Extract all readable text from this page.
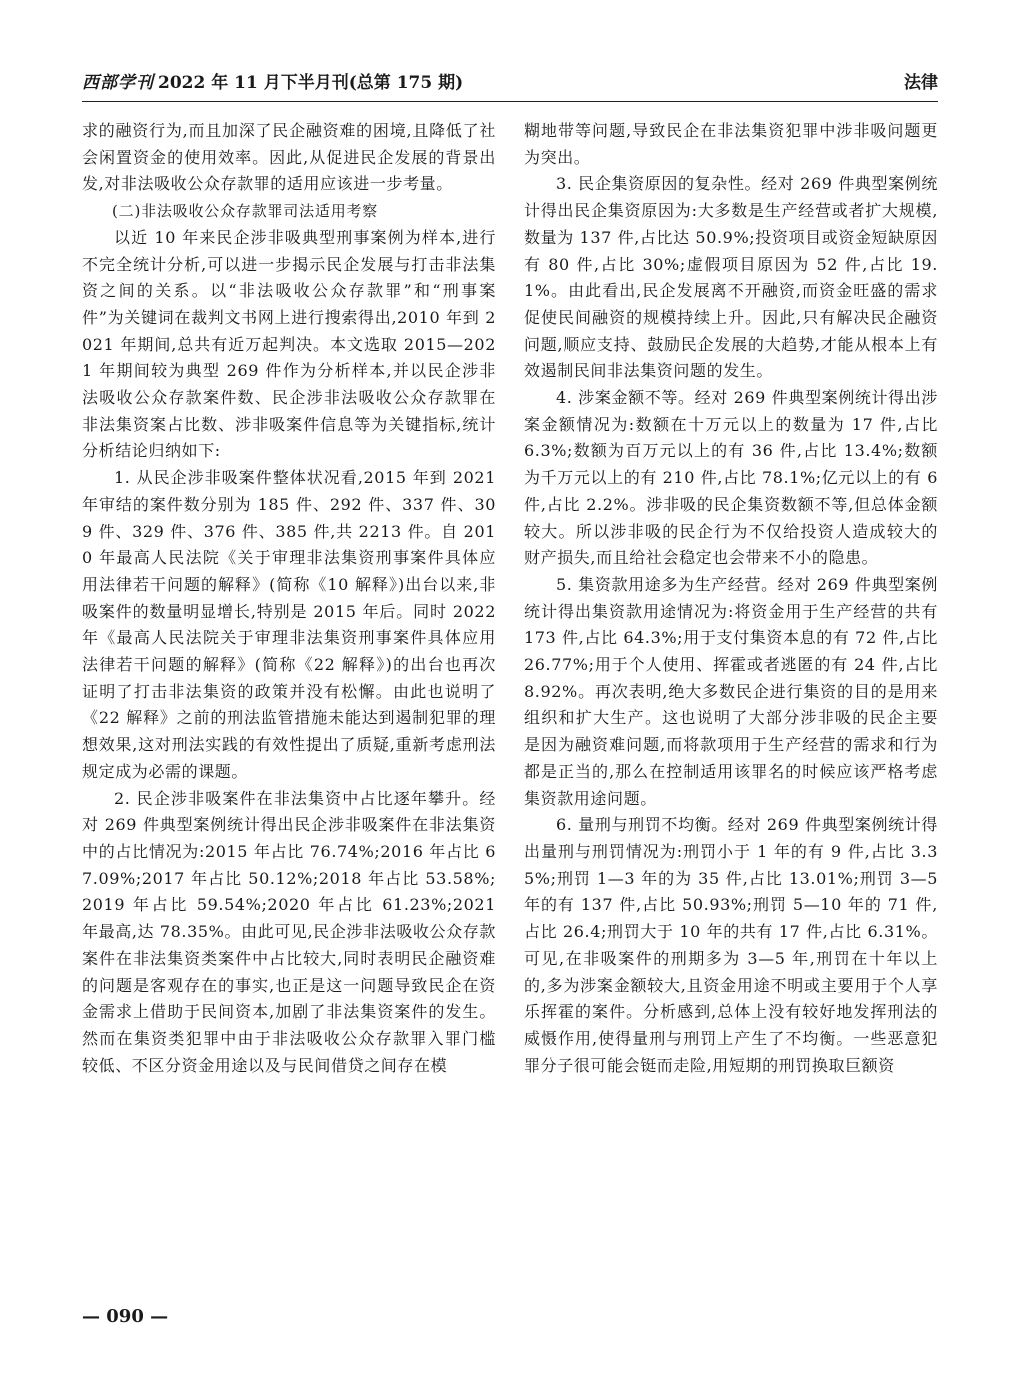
西部学刊 2022 年 11 月下半月刊(总第 175 期)	法律

求的融资行为,而且加深了民企融资难的困境,且降低了社会闲置资金的使用效率。因此,从促进民企发展的背景出发,对非法吸收公众存款罪的适用应该进一步考量。

(二)非法吸收公众存款罪司法适用考察

以近 10 年来民企涉非吸典型刑事案例为样本,进行不完全统计分析,可以进一步揭示民企发展与打击非法集资之间的关系。以“非法吸收公众存款罪”和“刑事案件”为关键词在裁判文书网上进行搜索得出,2010 年到 2021 年期间,总共有近万起判决。本文选取 2015—2021 年期间较为典型 269 件作为分析样本,并以民企涉非法吸收公众存款案件数、民企涉非法吸收公众存款罪在非法集资案占比数、涉非吸案件信息等为关键指标,统计分析结论归纳如下:

1. 从民企涉非吸案件整体状况看,2015 年到 2021 年审结的案件数分别为 185 件、292 件、337 件、309 件、329 件、376 件、385 件,共 2213 件。自 2010 年最高人民法院《关于审理非法集资刑事案件具体应用法律若干问题的解释》(简称《10 解释》)出台以来,非吸案件的数量明显增长,特别是 2015 年后。同时 2022 年《最高人民法院关于审理非法集资刑事案件具体应用法律若干问题的解释》(简称《22 解释》)的出台也再次证明了打击非法集资的政策并没有松懈。由此也说明了《22 解释》之前的刑法监管措施未能达到遏制犯罪的理想效果,这对刑法实践的有效性提出了质疑,重新考虑刑法规定成为必需的课题。

2. 民企涉非吸案件在非法集资中占比逐年攀升。经对 269 件典型案例统计得出民企涉非吸案件在非法集资中的占比情况为:2015 年占比 76.74%;2016 年占比 67.09%;2017 年占比 50.12%;2018 年占比 53.58%;2019 年占比 59.54%;2020 年占比 61.23%;2021 年最高,达 78.35%。由此可见,民企涉非法吸收公众存款案件在非法集资类案件中占比较大,同时表明民企融资难的问题是客观存在的事实,也正是这一问题导致民企在资金需求上借助于民间资本,加剧了非法集资案件的发生。然而在集资类犯罪中由于非法吸收公众存款罪入罪门槛较低、不区分资金用途以及与民间借贷之间存在模

糊地带等问题,导致民企在非法集资犯罪中涉非吸问题更为突出。

3. 民企集资原因的复杂性。经对 269 件典型案例统计得出民企集资原因为:大多数是生产经营或者扩大规模,数量为 137 件,占比达 50.9%;投资项目或资金短缺原因有 80 件,占比 30%;虚假项目原因为 52 件,占比 19.1%。由此看出,民企发展离不开融资,而资金旺盛的需求促使民间融资的规模持续上升。因此,只有解决民企融资问题,顺应支持、鼓励民企发展的大趋势,才能从根本上有效遏制民间非法集资问题的发生。

4. 涉案金额不等。经对 269 件典型案例统计得出涉案金额情况为:数额在十万元以上的数量为 17 件,占比 6.3%;数额为百万元以上的有 36 件,占比 13.4%;数额为千万元以上的有 210 件,占比 78.1%;亿元以上的有 6 件,占比 2.2%。涉非吸的民企集资数额不等,但总体金额较大。所以涉非吸的民企行为不仅给投资人造成较大的财产损失,而且给社会稳定也会带来不小的隐患。

5. 集资款用途多为生产经营。经对 269 件典型案例统计得出集资款用途情况为:将资金用于生产经营的共有 173 件,占比 64.3%;用于支付集资本息的有 72 件,占比 26.77%;用于个人使用、挥霍或者逃匿的有 24 件,占比 8.92%。再次表明,绝大多数民企进行集资的目的是用来组织和扩大生产。这也说明了大部分涉非吸的民企主要是因为融资难问题,而将款项用于生产经营的需求和行为都是正当的,那么在控制适用该罪名的时候应该严格考虑集资款用途问题。

6. 量刑与刑罚不均衡。经对 269 件典型案例统计得出量刑与刑罚情况为:刑罚小于 1 年的有 9 件,占比 3.35%;刑罚 1—3 年的为 35 件,占比 13.01%;刑罚 3—5 年的有 137 件,占比 50.93%;刑罚 5—10 年的 71 件,占比 26.4;刑罚大于 10 年的共有 17 件,占比 6.31%。可见,在非吸案件的刑期多为 3—5 年,刑罚在十年以上的,多为涉案金额较大,且资金用途不明或主要用于个人享乐挥霍的案件。分析感到,总体上没有较好地发挥刑法的威慑作用,使得量刑与刑罚上产生了不均衡。一些恶意犯罪分子很可能会铤而走险,用短期的刑罚换取巨额资

— 090 —
